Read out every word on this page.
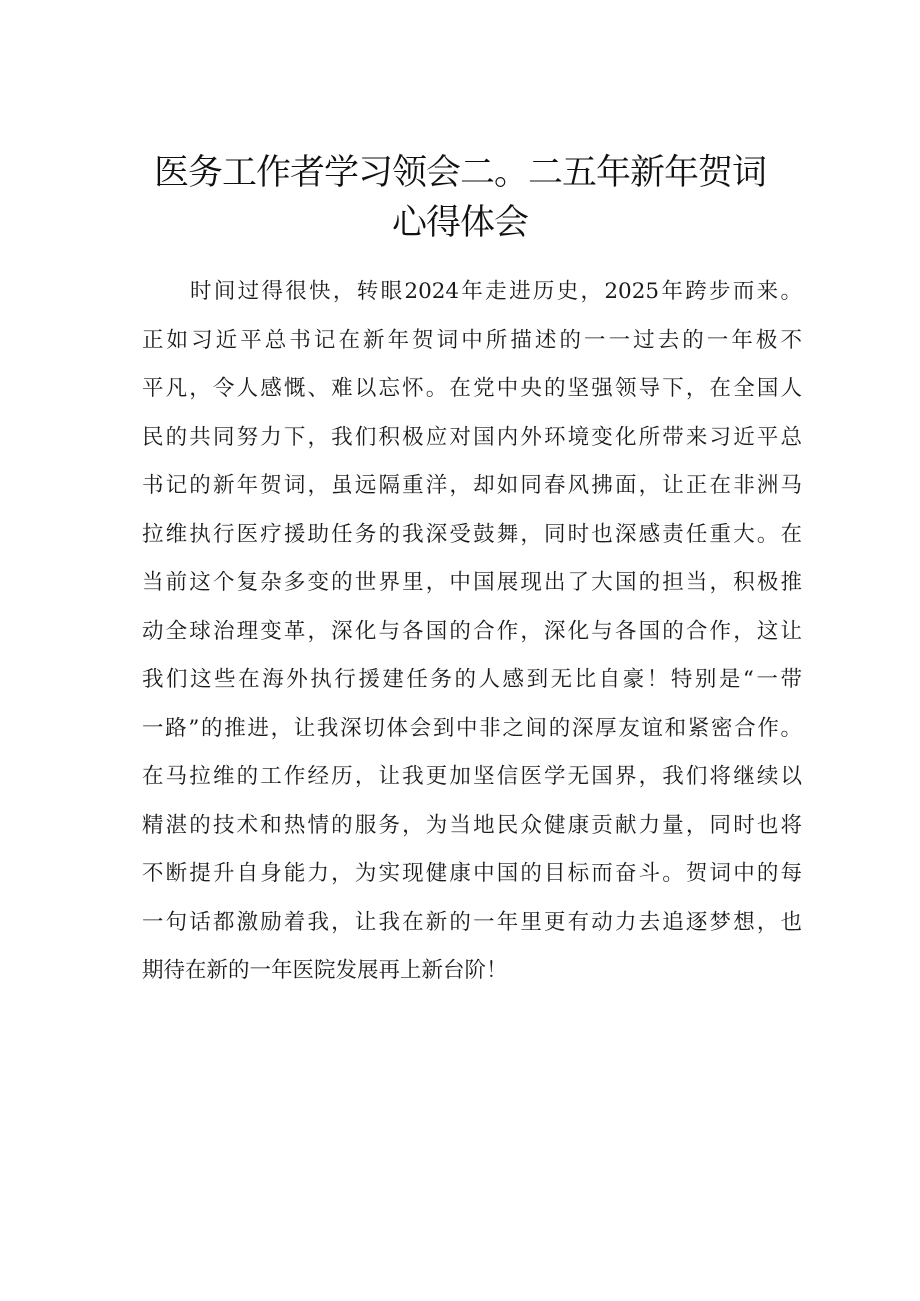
医务工作者学习领会二。二五年新年贺词
心得体会
时间过得很快，转眼2024年走进历史，2025年跨步而来。
正如习近平总书记在新年贺词中所描述的一一过去的一年极不
平凡，令人感慨、难以忘怀。在党中央的坚强领导下，在全国人
民的共同努力下，我们积极应对国内外环境变化所带来习近平总
书记的新年贺词，虽远隔重洋，却如同春风拂面，让正在非洲马
拉维执行医疗援助任务的我深受鼓舞，同时也深感责任重大。在
当前这个复杂多变的世界里，中国展现出了大国的担当，积极推
动全球治理变革，深化与各国的合作，深化与各国的合作，这让
我们这些在海外执行援建任务的人感到无比自豪！特别是“一带
一路”的推进，让我深切体会到中非之间的深厚友谊和紧密合作。
在马拉维的工作经历，让我更加坚信医学无国界，我们将继续以
精湛的技术和热情的服务，为当地民众健康贡献力量，同时也将
不断提升自身能力，为实现健康中国的目标而奋斗。贺词中的每
一句话都激励着我，让我在新的一年里更有动力去追逐梦想，也
期待在新的一年医院发展再上新台阶！
